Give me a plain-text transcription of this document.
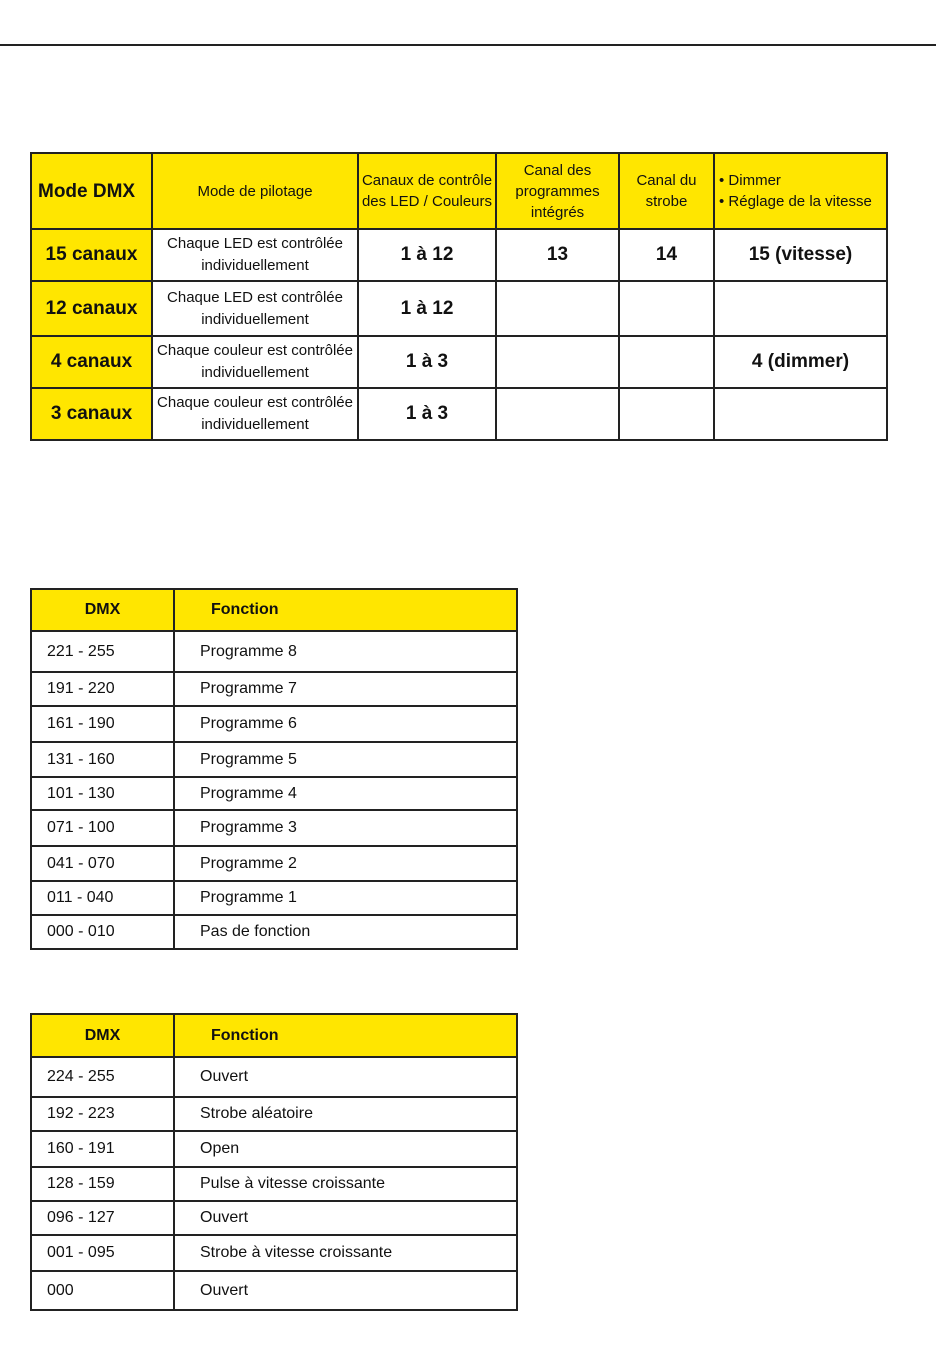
Mode DMX	Mode de pilotage	Canaux de contrôle des LED / Couleurs	Canal des programmes intégrés	Canal du strobe	• Dimmer
• Réglage de la vitesse
15 canaux	Chaque LED est contrôlée individuellement	1 à 12	13	14	15 (vitesse)
12 canaux	Chaque LED est contrôlée individuellement	1 à 12			
4 canaux	Chaque couleur est contrôlée individuellement	1 à 3			4 (dimmer)
3 canaux	Chaque couleur est contrôlée individuellement	1 à 3			
DMX	Fonction
221 - 255	Programme 8
191 - 220	Programme 7
161 - 190	Programme 6
131 - 160	Programme 5
101 - 130	Programme 4
071 - 100	Programme 3
041 - 070	Programme 2
011 - 040	Programme 1
000 - 010	Pas de fonction
DMX	Fonction
224 - 255	Ouvert
192 - 223	Strobe aléatoire
160 - 191	Open
128 - 159	Pulse à vitesse croissante
096 - 127	Ouvert
001 - 095	Strobe à vitesse croissante
000	Ouvert
